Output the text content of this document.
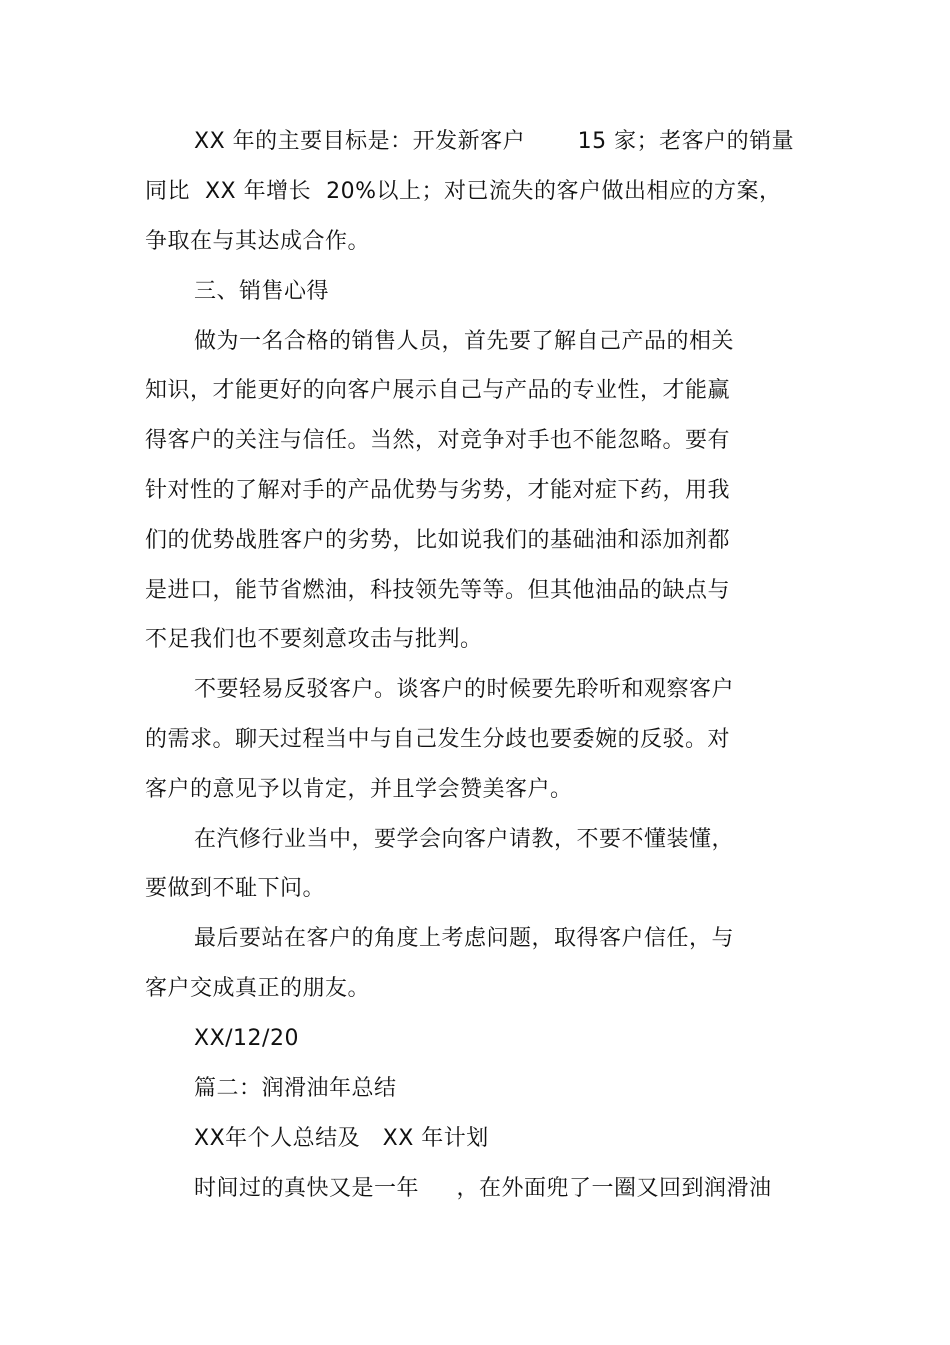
XX 年的主要目标是：开发新客户       15 家；老客户的销量
同比  XX 年增长  20%以上；对已流失的客户做出相应的方案，
争取在与其达成合作。
三、销售心得
做为一名合格的销售人员，首先要了解自己产品的相关
知识，才能更好的向客户展示自己与产品的专业性，才能赢
得客户的关注与信任。当然，对竞争对手也不能忽略。要有
针对性的了解对手的产品优势与劣势，才能对症下药，用我
们的优势战胜客户的劣势，比如说我们的基础油和添加剂都
是进口，能节省燃油，科技领先等等。但其他油品的缺点与
不足我们也不要刻意攻击与批判。
不要轻易反驳客户。谈客户的时候要先聆听和观察客户
的需求。聊天过程当中与自己发生分歧也要委婉的反驳。对
客户的意见予以肯定，并且学会赞美客户。
在汽修行业当中，要学会向客户请教，不要不懂装懂，
要做到不耻下问。
最后要站在客户的角度上考虑问题，取得客户信任，与
客户交成真正的朋友。
XX/12/20
篇二：润滑油年总结
XX年个人总结及   XX 年计划
时间过的真快又是一年     ，在外面兜了一圈又回到润滑油
